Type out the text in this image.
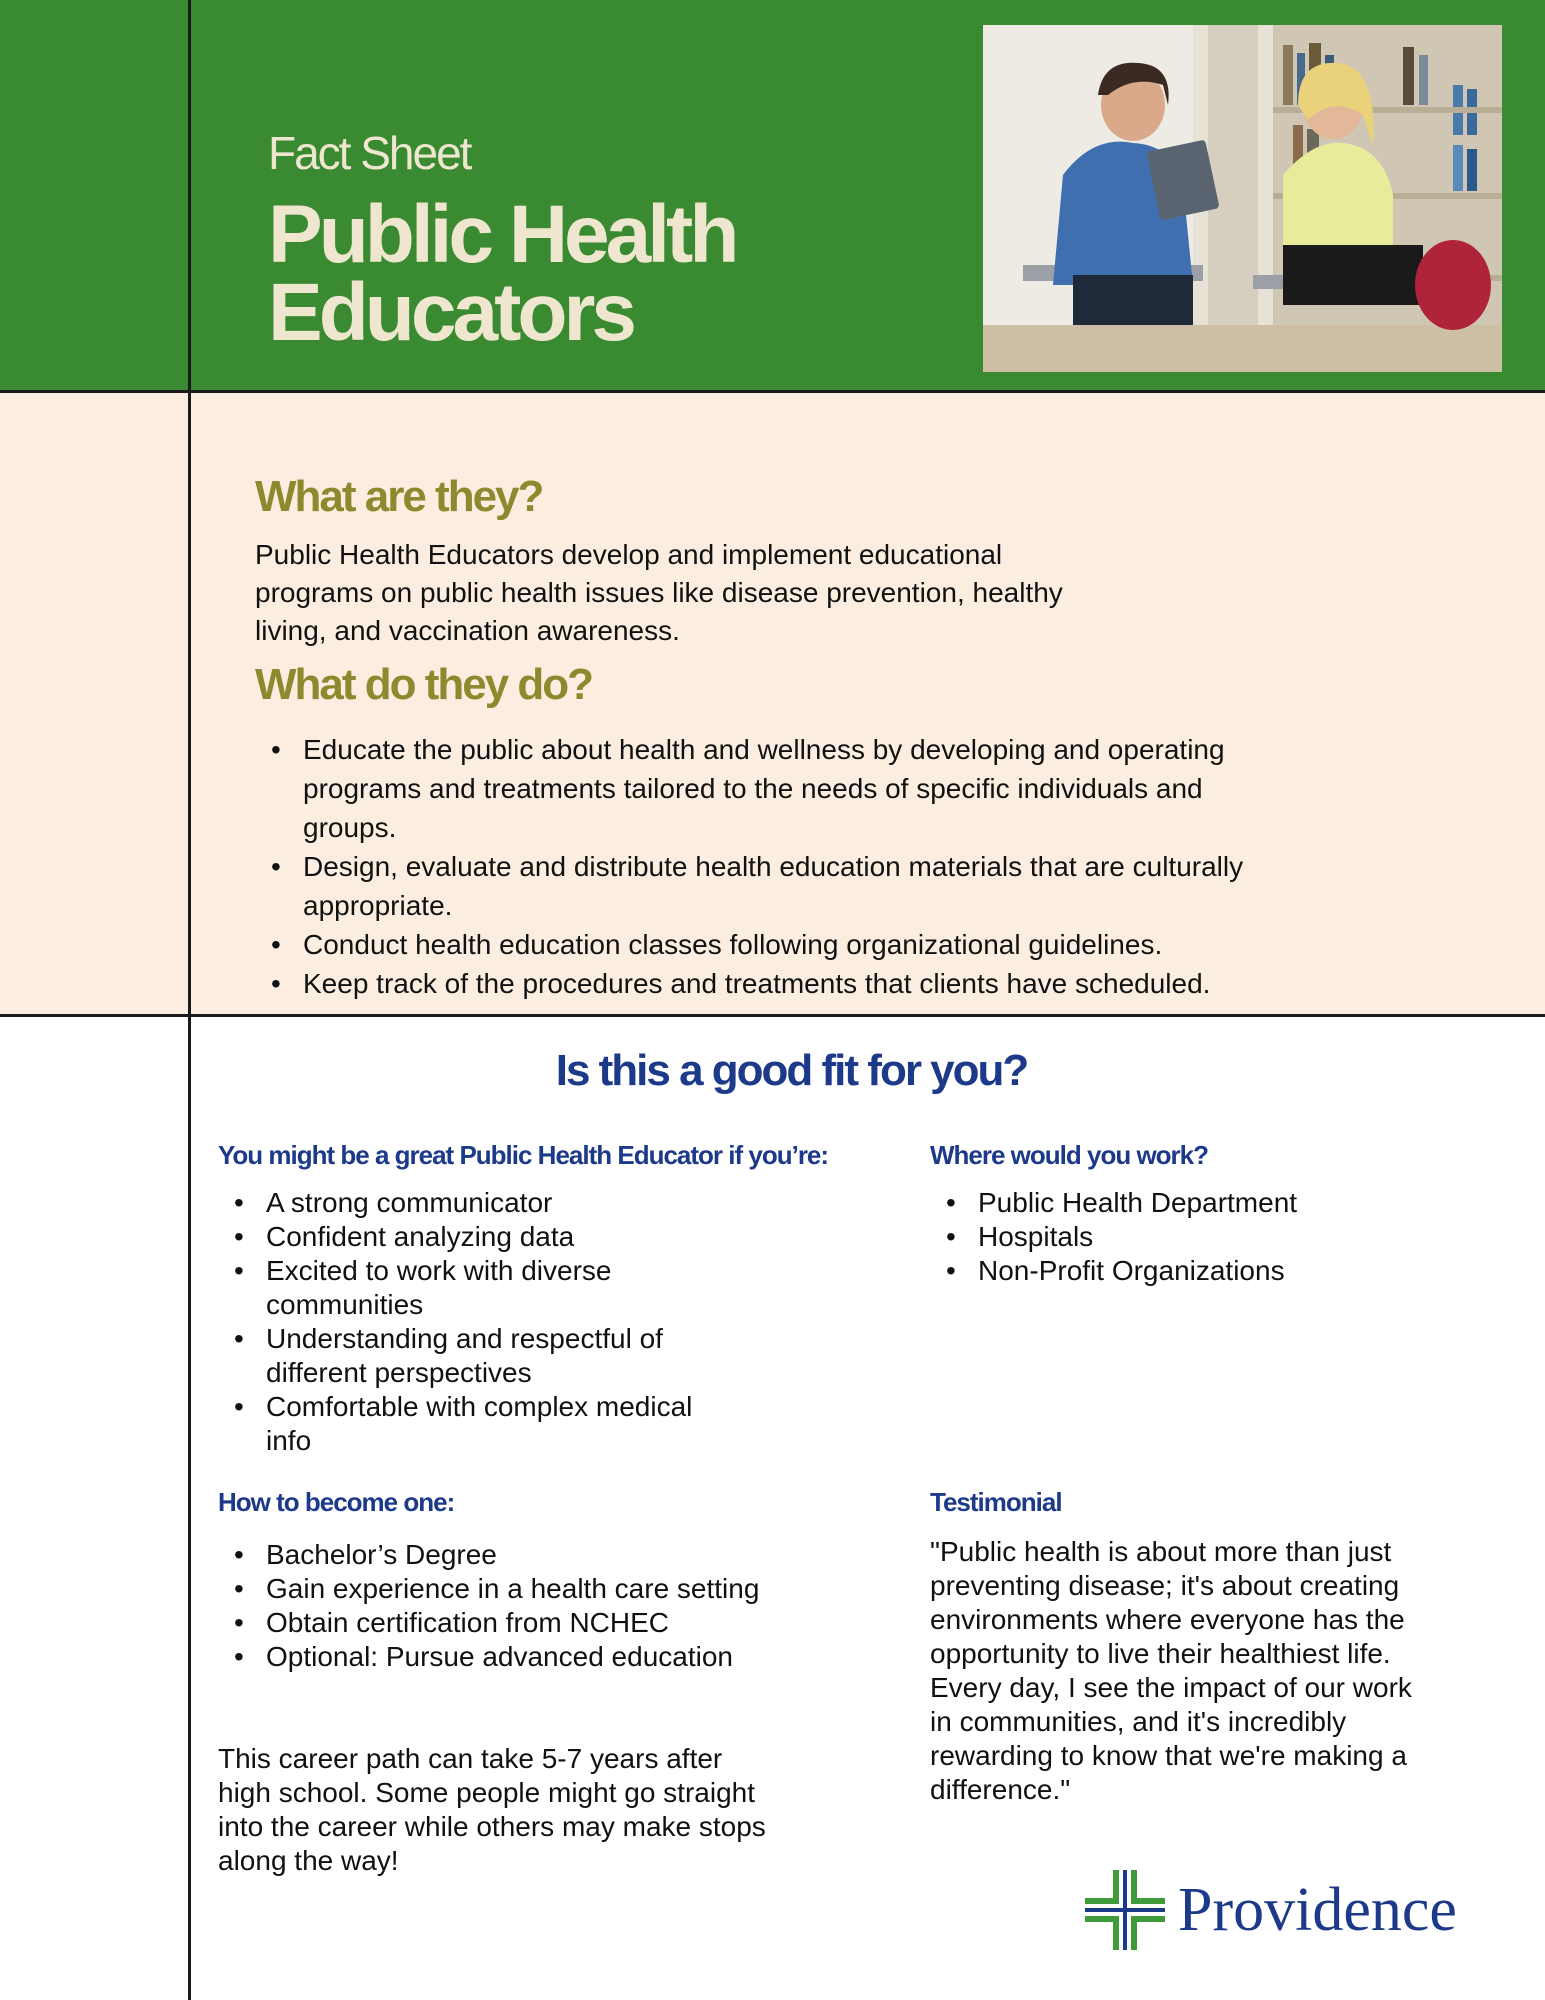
Fact Sheet
Public Health
Educators
What are they?
Public Health Educators develop and implement educational
programs on public health issues like disease prevention, healthy
living, and vaccination awareness.
What do they do?
• Educate the public about health and wellness by developing and operating
programs and treatments tailored to the needs of specific individuals and
groups.
• Design, evaluate and distribute health education materials that are culturally
appropriate.
• Conduct health education classes following organizational guidelines.
• Keep track of the procedures and treatments that clients have scheduled.
Is this a good fit for you?
You might be a great Public Health Educator if you’re:
• A strong communicator
• Confident analyzing data
• Excited to work with diverse
communities
• Understanding and respectful of
different perspectives
• Comfortable with complex medical
info
Where would you work?
• Public Health Department
• Hospitals
• Non-Profit Organizations
How to become one:
• Bachelor’s Degree
• Gain experience in a health care setting
• Obtain certification from NCHEC
• Optional: Pursue advanced education
This career path can take 5-7 years after
high school. Some people might go straight
into the career while others may make stops
along the way!
Testimonial
"Public health is about more than just
preventing disease; it's about creating
environments where everyone has the
opportunity to live their healthiest life.
Every day, I see the impact of our work
in communities, and it's incredibly
rewarding to know that we're making a
difference."
Providence
